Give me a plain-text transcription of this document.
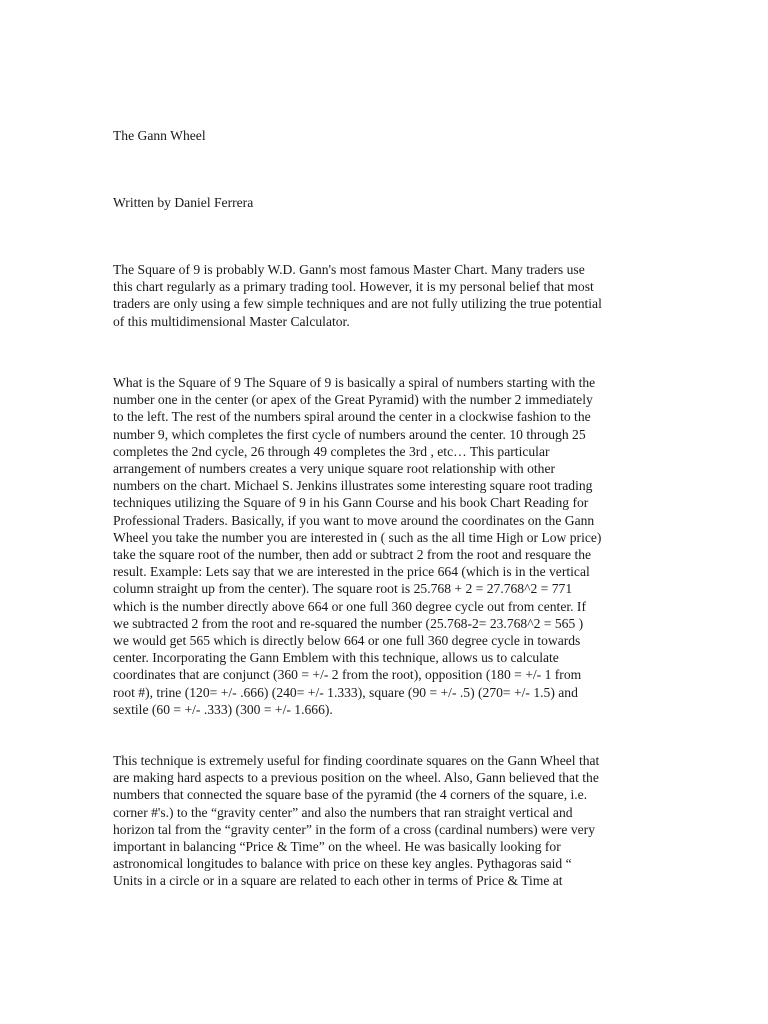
The Gann Wheel

Written by Daniel Ferrera

The Square of 9 is probably W.D. Gann's most famous Master Chart. Many traders use
this chart regularly as a primary trading tool. However, it is my personal belief that most
traders are only using a few simple techniques and are not fully utilizing the true potential
of this multidimensional Master Calculator.

What is the Square of 9 The Square of 9 is basically a spiral of numbers starting with the
number one in the center (or apex of the Great Pyramid) with the number 2 immediately
to the left. The rest of the numbers spiral around the center in a clockwise fashion to the
number 9, which completes the first cycle of numbers around the center. 10 through 25
completes the 2nd cycle, 26 through 49 completes the 3rd , etc… This particular
arrangement of numbers creates a very unique square root relationship with other
numbers on the chart. Michael S. Jenkins illustrates some interesting square root trading
techniques utilizing the Square of 9 in his Gann Course and his book Chart Reading for
Professional Traders. Basically, if you want to move around the coordinates on the Gann
Wheel you take the number you are interested in ( such as the all time High or Low price)
take the square root of the number, then add or subtract 2 from the root and resquare the
result. Example: Lets say that we are interested in the price 664 (which is in the vertical
column straight up from the center). The square root is 25.768 + 2 = 27.768^2 = 771
which is the number directly above 664 or one full 360 degree cycle out from center. If
we subtracted 2 from the root and re-squared the number (25.768-2= 23.768^2 = 565 )
we would get 565 which is directly below 664 or one full 360 degree cycle in towards
center. Incorporating the Gann Emblem with this technique, allows us to calculate
coordinates that are conjunct (360 = +/- 2 from the root), opposition (180 = +/- 1 from
root #), trine (120= +/- .666) (240= +/- 1.333), square (90 = +/- .5) (270= +/- 1.5) and
sextile (60 = +/- .333) (300 = +/- 1.666).

This technique is extremely useful for finding coordinate squares on the Gann Wheel that
are making hard aspects to a previous position on the wheel. Also, Gann believed that the
numbers that connected the square base of the pyramid (the 4 corners of the square, i.e.
corner #'s.) to the “gravity center” and also the numbers that ran straight vertical and
horizon tal from the “gravity center” in the form of a cross (cardinal numbers) were very
important in balancing “Price & Time” on the wheel. He was basically looking for
astronomical longitudes to balance with price on these key angles. Pythagoras said “
Units in a circle or in a square are related to each other in terms of Price & Time at
